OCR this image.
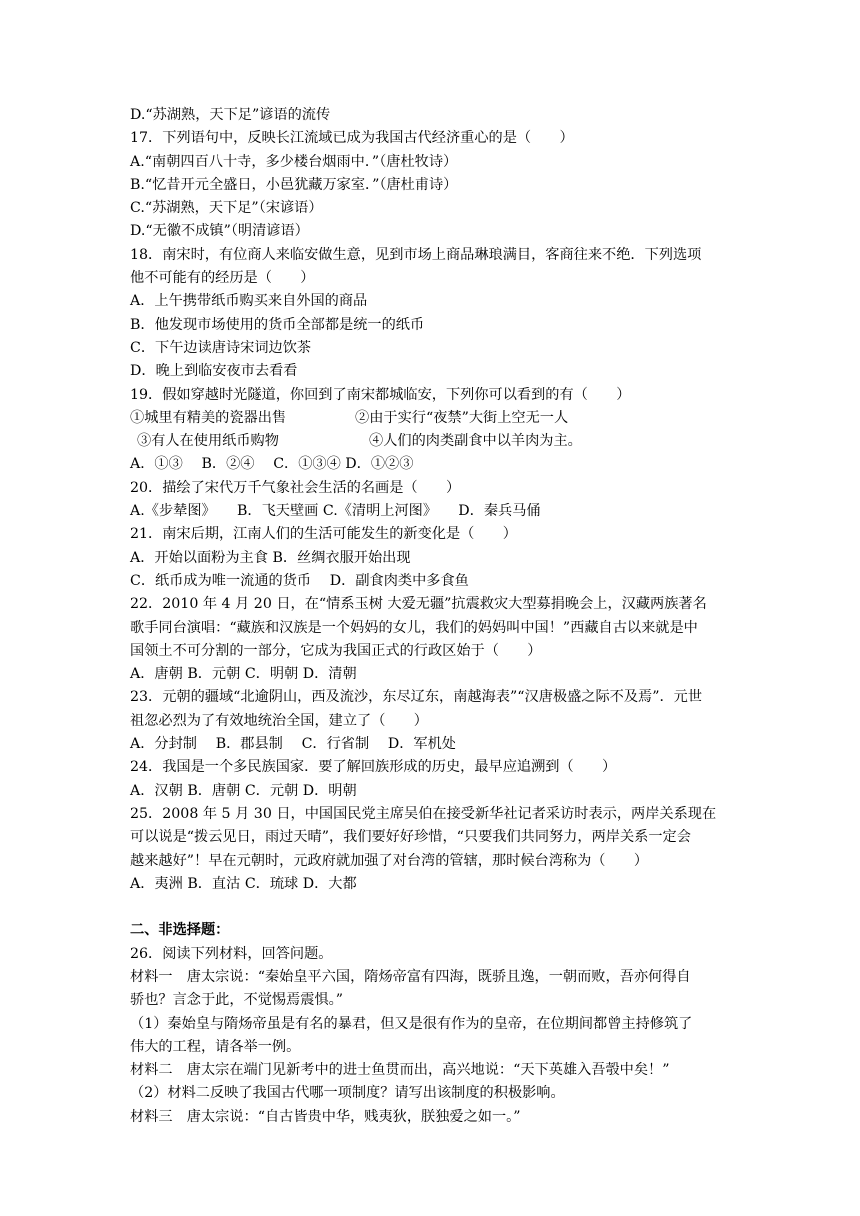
D.“苏湖熟，天下足”谚语的流传
17．下列语句中，反映长江流域已成为我国古代经济重心的是（　　）
A.“南朝四百八十寺，多少楼台烟雨中．”（唐杜牧诗）
B.“忆昔开元全盛日，小邑犹藏万家室．”（唐杜甫诗）
C.“苏湖熟，天下足”（宋谚语）
D.“无徽不成镇”（明清谚语）
18．南宋时，有位商人来临安做生意，见到市场上商品琳琅满目，客商往来不绝．下列选项
他不可能有的经历是（　　）
A．上午携带纸币购买来自外国的商品
B．他发现市场使用的货币全部都是统一的纸币
C．下午边读唐诗宋词边饮茶
D．晚上到临安夜市去看看
19．假如穿越时光隧道，你回到了南宋都城临安，下列你可以看到的有（　　）
①城里有精美的瓷器出售	②由于实行“夜禁”大街上空无一人
③有人在使用纸币购物	④人们的肉类副食中以羊肉为主。
A．①③　 B．②④　 C．①③④ D．①②③
20．描绘了宋代万千气象社会生活的名画是（　　）
A.《步辇图》　　B．飞天壁画 C.《清明上河图》　　D．秦兵马俑
21．南宋后期，江南人们的生活可能发生的新变化是（　　）
A．开始以面粉为主食 B．丝绸衣服开始出现
C．纸币成为唯一流通的货币　 D．副食肉类中多食鱼
22．2010 年 4 月 20 日，在“情系玉树 大爱无疆”抗震救灾大型募捐晚会上，汉藏两族著名
歌手同台演唱：“藏族和汉族是一个妈妈的女儿，我们的妈妈叫中国！”西藏自古以来就是中
国领土不可分割的一部分，它成为我国正式的行政区始于（　　）
A．唐朝 B．元朝 C．明朝 D．清朝
23．元朝的疆域“北逾阴山，西及流沙，东尽辽东，南越海表”“汉唐极盛之际不及焉”．元世
祖忽必烈为了有效地统治全国，建立了（　　）
A．分封制　 B．郡县制　 C．行省制　 D．军机处
24．我国是一个多民族国家．要了解回族形成的历史，最早应追溯到（　　）
A．汉朝 B．唐朝 C．元朝 D．明朝
25．2008 年 5 月 30 日，中国国民党主席吴伯在接受新华社记者采访时表示，两岸关系现在
可以说是“拨云见日，雨过天晴”，我们要好好珍惜，“只要我们共同努力，两岸关系一定会
越来越好”！早在元朝时，元政府就加强了对台湾的管辖，那时候台湾称为（　　）
A．夷洲 B．直沽 C．琉球 D．大都
二、非选择题：
26．阅读下列材料，回答问题。
材料一　唐太宗说：“秦始皇平六国，隋炀帝富有四海，既骄且逸，一朝而败，吾亦何得自
骄也？言念于此，不觉惕焉震惧。”
（1）秦始皇与隋炀帝虽是有名的暴君，但又是很有作为的皇帝，在位期间都曾主持修筑了
伟大的工程，请各举一例。
材料二　唐太宗在端门见新考中的进士鱼贯而出，高兴地说：“天下英雄入吾彀中矣！”
（2）材料二反映了我国古代哪一项制度？请写出该制度的积极影响。
材料三　唐太宗说：“自古皆贵中华，贱夷狄，朕独爱之如一。”
